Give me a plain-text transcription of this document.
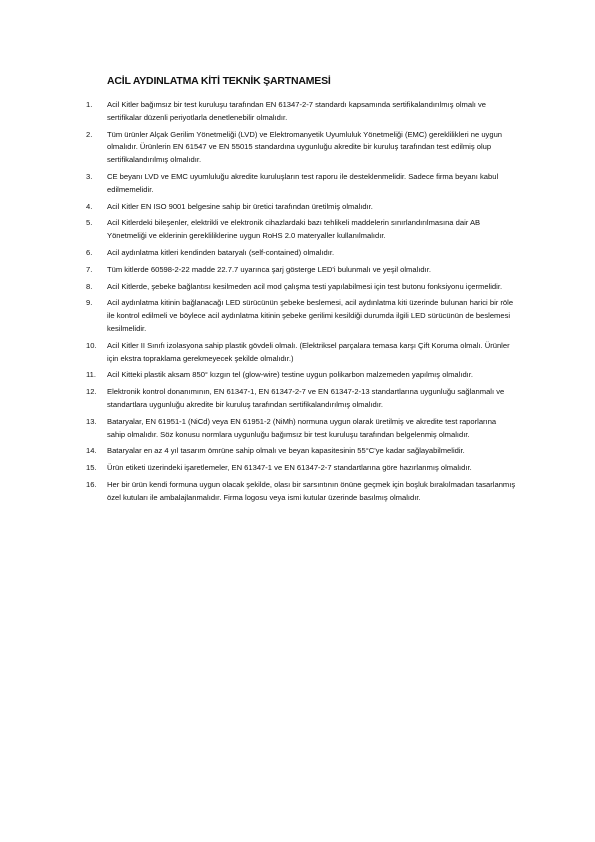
ACİL AYDINLATMA KİTİ TEKNİK ŞARTNAMESİ
1.	Acil Kitler bağımsız bir test kuruluşu tarafından EN 61347-2-7 standardı kapsamında sertifikalandırılmış olmalı ve sertifikalar düzenli periyotlarla denetlenebilir olmalıdır.
2.	Tüm ürünler Alçak Gerilim Yönetmeliği (LVD) ve Elektromanyetik Uyumluluk Yönetmeliği (EMC) gereklilikleri ne uygun olmalıdır. Ürünlerin EN 61547 ve EN 55015 standardına uygunluğu akredite bir kuruluş tarafından test edilmiş olup sertifikalandırılmış olmalıdır.
3.	CE beyanı LVD ve EMC uyumluluğu akredite kuruluşların test raporu ile desteklenmelidir. Sadece firma beyanı kabul edilmemelidir.
4.	Acil Kitler EN ISO 9001 belgesine sahip bir üretici tarafından üretilmiş olmalıdır.
5.	Acil Kitlerdeki bileşenler, elektrikli ve elektronik cihazlardaki bazı tehlikeli maddelerin sınırlandırılmasına dair AB Yönetmeliği ve eklerinin gerekliliklerine uygun RoHS 2.0 materyaller kullanılmalıdır.
6.	Acil aydınlatma kitleri kendinden bataryalı (self-contained) olmalıdır.
7.	Tüm kitlerde 60598-2-22 madde 22.7.7 uyarınca şarj gösterge LED'i bulunmalı ve yeşil olmalıdır.
8.	Acil Kitlerde, şebeke bağlantısı kesilmeden acil mod çalışma testi yapılabilmesi için test butonu fonksiyonu içermelidir.
9.	Acil aydınlatma kitinin bağlanacağı LED sürücünün şebeke beslemesi, acil aydınlatma kiti üzerinde bulunan harici bir röle ile kontrol edilmeli ve böylece acil aydınlatma kitinin şebeke gerilimi kesildiği durumda ilgili LED sürücünün de beslemesi kesilmelidir.
10.	Acil Kitler II Sınıfı izolasyona sahip plastik gövdeli olmalı. (Elektriksel parçalara temasa karşı Çift Koruma olmalı. Ürünler için ekstra topraklama gerekmeyecek şekilde olmalıdır.)
11.	Acil Kitteki plastik aksam 850° kızgın tel (glow-wire) testine uygun polikarbon malzemeden yapılmış olmalıdır.
12.	Elektronik kontrol donanımının, EN 61347-1, EN 61347-2-7 ve EN 61347-2-13 standartlarına uygunluğu sağlanmalı ve standartlara uygunluğu akredite bir kuruluş tarafından sertifikalandırılmış olmalıdır.
13.	Bataryalar, EN 61951-1 (NiCd) veya EN 61951-2 (NiMh) normuna uygun olarak üretilmiş ve akredite test raporlarına sahip olmalıdır. Söz konusu normlara uygunluğu bağımsız bir test kuruluşu tarafından belgelenmiş olmalıdır.
14.	Bataryalar en az 4 yıl tasarım ömrüne sahip olmalı ve beyan kapasitesinin 55°C'ye kadar sağlayabilmelidir.
15.	Ürün etiketi üzerindeki işaretlemeler, EN 61347-1 ve EN 61347-2-7 standartlarına göre hazırlanmış olmalıdır.
16.	Her bir ürün kendi formuna uygun olacak şekilde, olası bir sarsıntının önüne geçmek için boşluk bırakılmadan tasarlanmış özel kutuları ile ambalajlanmalıdır. Firma logosu veya ismi kutular üzerinde basılmış olmalıdır.
